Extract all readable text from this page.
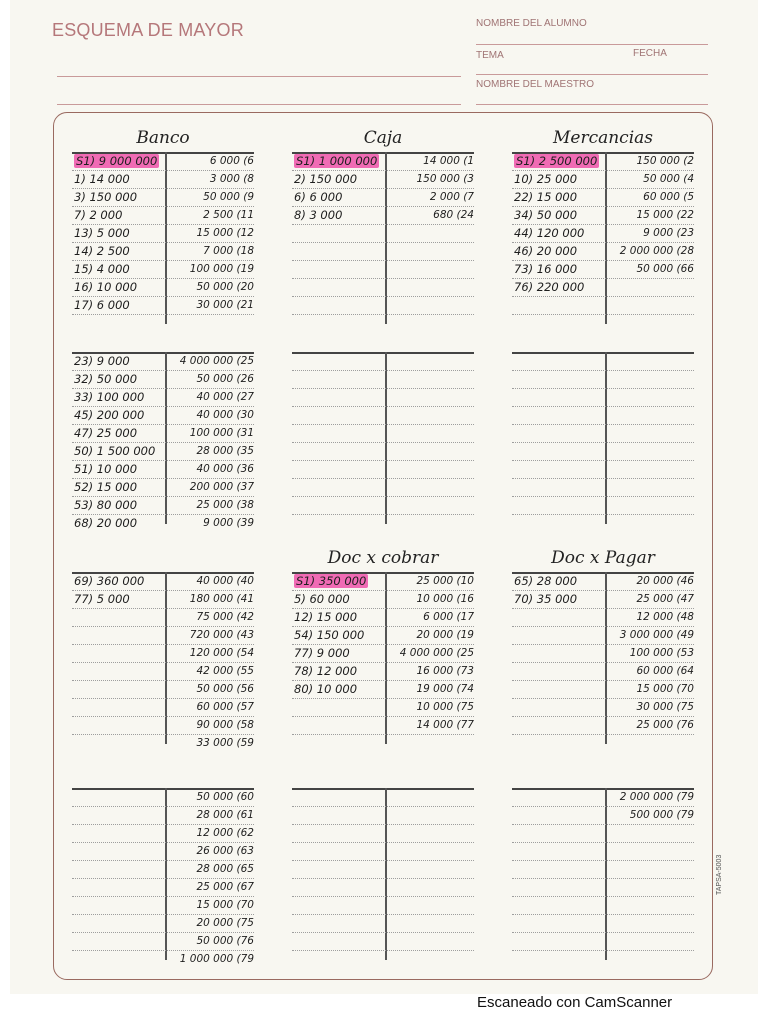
ESQUEMA DE MAYOR	NOMBRE DEL ALUMNO
TEMA	FECHA
NOMBRE DEL MAESTRO
Banco
S1) 9 000 000
1) 14 000
3) 150 000
7) 2 000
13) 5 000
14) 2 500
15) 4 000
16) 10 000
17) 6 000
6 000 (6
3 000 (8
50 000 (9
2 500 (11
15 000 (12
7 000 (18
100 000 (19
50 000 (20
30 000 (21
Caja
S1) 1 000 000
2) 150 000
6) 6 000
8) 3 000
14 000 (1
150 000 (3
2 000 (7
680 (24
Mercancias
S1) 2 500 000
10) 25 000
22) 15 000
34) 50 000
44) 120 000
46) 20 000
73) 16 000
76) 220 000
150 000 (2
50 000 (4
60 000 (5
15 000 (22
9 000 (23
2 000 000 (28
50 000 (66
23) 9 000
32) 50 000
33) 100 000
45) 200 000
47) 25 000
50) 1 500 000
51) 10 000
52) 15 000
53) 80 000
68) 20 000
4 000 000 (25
50 000 (26
40 000 (27
40 000 (30
100 000 (31
28 000 (35
40 000 (36
200 000 (37
25 000 (38
9 000 (39
69) 360 000
77) 5 000
40 000 (40
180 000 (41
75 000 (42
720 000 (43
120 000 (54
42 000 (55
50 000 (56
60 000 (57
90 000 (58
33 000 (59
Doc x cobrar
S1) 350 000
5) 60 000
12) 15 000
54) 150 000
77) 9 000
78) 12 000
80) 10 000
25 000 (10
10 000 (16
6 000 (17
20 000 (19
4 000 000 (25
16 000 (73
19 000 (74
10 000 (75
14 000 (77
Doc x Pagar
65) 28 000
70) 35 000
20 000 (46
25 000 (47
12 000 (48
3 000 000 (49
100 000 (53
60 000 (64
15 000 (70
30 000 (75
25 000 (76
50 000 (60
28 000 (61
12 000 (62
26 000 (63
28 000 (65
25 000 (67
15 000 (70
20 000 (75
50 000 (76
1 000 000 (79
2 000 000 (79
500 000 (79
TAPSA-5003
Escaneado con CamScanner
